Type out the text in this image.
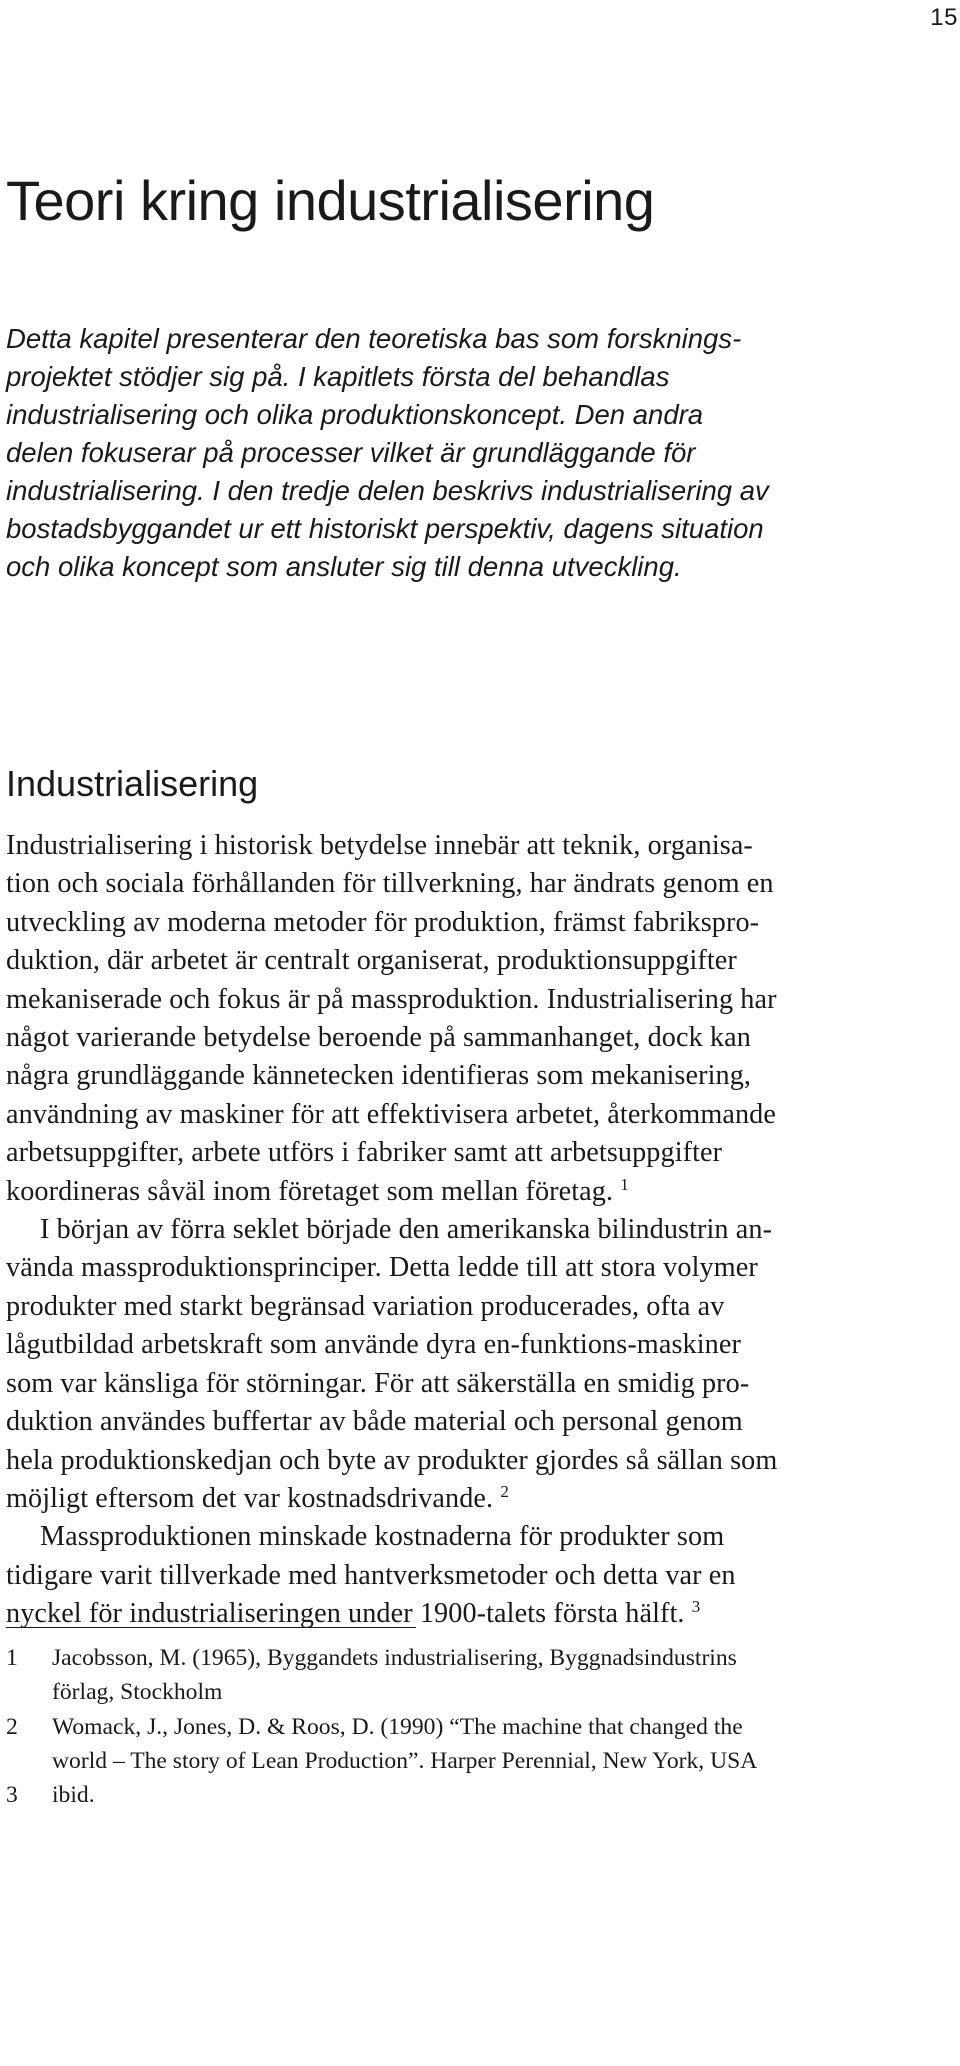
15
Teori kring industrialisering

Detta kapitel presenterar den teoretiska bas som forsknings-
projektet stödjer sig på. I kapitlets första del behandlas
industrialisering och olika produktionskoncept. Den andra
delen fokuserar på processer vilket är grundläggande för
industrialisering. I den tredje delen beskrivs industrialisering av
bostadsbyggandet ur ett historiskt perspektiv, dagens situation
och olika koncept som ansluter sig till denna utveckling.

Industrialisering
Industrialisering i historisk betydelse innebär att teknik, organisa-
tion och sociala förhållanden för tillverkning, har ändrats genom en
utveckling av moderna metoder för produktion, främst fabrikspro-
duktion, där arbetet är centralt organiserat, produktionsuppgifter
mekaniserade och fokus är på massproduktion. Industrialisering har
något varierande betydelse beroende på sammanhanget, dock kan
några grundläggande kännetecken identifieras som mekanisering,
användning av maskiner för att effektivisera arbetet, återkommande
arbetsuppgifter, arbete utförs i fabriker samt att arbetsuppgifter
koordineras såväl inom företaget som mellan företag. $^1$
I början av förra seklet började den amerikanska bilindustrin an-
vända massproduktionsprinciper. Detta ledde till att stora volymer
produkter med starkt begränsad variation producerades, ofta av
lågutbildad arbetskraft som använde dyra en-funktions-maskiner
som var känsliga för störningar. För att säkerställa en smidig pro-
duktion användes buffertar av både material och personal genom
hela produktionskedjan och byte av produkter gjordes så sällan som
möjligt eftersom det var kostnadsdrivande. $^2$
Massproduktionen minskade kostnaderna för produkter som
tidigare varit tillverkade med hantverksmetoder och detta var en
nyckel för industrialiseringen under 1900-talets första hälft. $^3$
1 Jacobsson, M. (1965), Byggandets industrialisering, Byggnadsindustrins
förlag, Stockholm
2 Womack, J., Jones, D. & Roos, D. (1990) “The machine that changed the
world – The story of Lean Production”. Harper Perennial, New York, USA
3 ibid.
